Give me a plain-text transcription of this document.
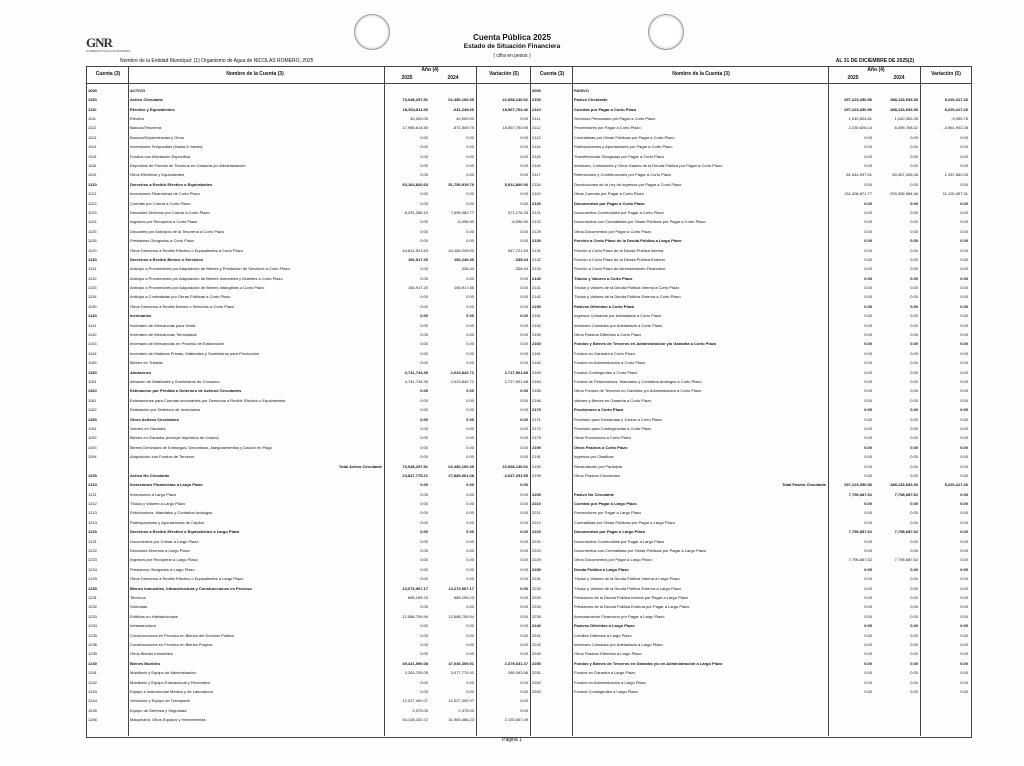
GNR
GOBIERNO NICOLÁS ROMERO
Cuenta Pública 2025
Estado de Situación Financiera
( cifra en pesos )
Nombre de la Entidad Municipal: (1) Organismo de Agua de NICOLAS ROMERO, 2025	AL 31 DE DICIEMBRE DE 2025(2)
Cuenta (3)	Nombre de la Cuenta (3)
Año (4)
2025	2024
Variación (5)	Cuenta (3)	Nombre de la Cuenta (3)
Año (4)
2025	2024
Variación (5)
1000	ACTIVO			
1100	Activo Circulante	73,048,297.51	62,480,160.39	22,668,130.62
1110	Efectivo y Equivalentes	18,534,811.60	-631,249.66	18,567,764.46
1111	Efectivo	40,000.00	40,000.00	0.00
1112	Bancos/Tesorería	17,985,614.50	-571,549.75	18,567,753.95
1113	Bancos/Dependencias y Otros	0.00	0.00	0.00
1114	Inversiones Temporales (Hasta 3 meses)	0.00	0.00	0.00
1115	Fondos con Afectación Específica	0.00	0.00	0.00
1116	Depósitos de Fondos de Terceros en Garantía y/o Administración	0.00	0.00	0.00
1119	Otros Efectivos y Equivalentes	0.00	0.00	0.00
1120	Derechos a Recibir Efectivo o Equivalentes	63,164,820.63	51,750,919.70	5,912,800.93
1121	Inversiones Financieras de Corto Plazo	0.00	0.00	0.00
1122	Cuentas por Cobrar a Corto Plazo	0.00	0.00	0.00
1123	Deudores Diversos por Cobrar a Corto Plazo	8,291,286.19	7,695,082.77	571,176.33
1124	Ingresos por Recuperar a Corto Plazo	0.00	-6,096.90	-6,096.90
1125	Deudores por Anticipos de la Tesorería a Corto Plazo	0.00	0.00	0.00
1126	Préstamos Otorgados a Corto Plazo	0.00	0.00	0.00
1129	Otros Derechos a Recibir Efectivo o Equivalentes a Corto Plazo	44,812,521.53	44,165,249.00	547,721.53
1130	Derechos a Recibir Bienes o Servicios	166,917.20	166,246.30	-335.44
1131	Anticipo a Proveedores por Adquisición de Bienes y Prestación de Servicios a Corto Plazo	0.00	328.44	-328.44
1132	Anticipo a Proveedores por Adquisición de Bienes Inmuebles y Muebles a Corto Plazo	0.00	0.00	0.00
1133	Anticipo a Proveedores por Adquisición de Bienes Intangibles a Corto Plazo	165,917.20	165,917.86	0.00
1134	Anticipo a Contratistas por Obras Públicas a Corto Plazo	0.00	0.00	0.00
1139	Otros Derechos a Recibir Bienes o Servicios a Corto Plazo	0.00	0.00	0.00
1140	Inventarios	0.00	0.00	0.00
1141	Inventario de Mercancías para Venta	0.00	0.00	0.00
1142	Inventario de Mercancías Terminadas	0.00	0.00	0.00
1143	Inventario de Mercancías en Proceso de Elaboración	0.00	0.00	0.00
1144	Inventario de Materias Primas, Materiales y Suministros para Producción	0.00	0.00	0.00
1145	Bienes en Tránsito	0.00	0.00	0.00
1150	Almacenes	4,741,744.39	2,023,842.71	2,717,901.68
1151	Almacén de Materiales y Suministros de Consumo	4,741,744.39	2,023,842.71	2,717,901.68
1160	Estimación por Pérdida o Deterioro de Activos Circulantes	0.00	0.00	0.00
1161	Estimaciones para Cuentas Incobrables por Derechos a Recibir Efectivo o Equivalentes	0.00	0.00	0.00
1162	Estimación por Deterioro de Inventarios	0.00	0.00	0.00
1190	Otros Activos Circulantes	0.00	0.00	0.00
1191	Valores en Garantía	0.00	0.00	0.00
1192	Bienes en Garantía (excluye depósitos de fondos)	0.00	0.00	0.00
1193	Bienes Derivados de Embargos, Decomisos, Aseguramientos y Dación en Pago	0.00	0.00	0.00
1194	Adquisición con Fondos de Terceros	0.00	0.00	0.00
	Total Activo Circulante	73,048,297.51	62,480,160.39	22,668,130.62
1200	Activo No Circulante	24,827,775.21	27,883,061.08	-3,047,291.55
1210	Inversiones Financieras a Largo Plazo	0.00	0.00	0.00
1211	Inversiones a Largo Plazo	0.00	0.00	0.00
1212	Títulos y Valores a Largo Plazo	0.00	0.00	0.00
1213	Fideicomisos, Mandatos y Contratos Análogos	0.00	0.00	0.00
1214	Participaciones y Aportaciones de Capital	0.00	0.00	0.00
1220	Derechos a Recibir Efectivo o Equivalentes a Largo Plazo	0.00	0.00	0.00
1221	Documentos por Cobrar a Largo Plazo	0.00	0.00	0.00
1222	Deudores Diversos a Largo Plazo	0.00	0.00	0.00
1223	Ingresos por Recuperar a Largo Plazo	0.00	0.00	0.00
1224	Préstamos Otorgados a Largo Plazo	0.00	0.00	0.00
1229	Otros Derechos a Recibir Efectivo o Equivalentes a Largo Plazo	0.00	0.00	0.00
1230	Bienes Inmuebles, Infraestructura y Construcciones en Proceso	13,073,967.17	13,273,967.17	0.00
1231	Terrenos	685,195.23	685,195.23	0.00
1232	Viviendas	0.00	0.00	0.00
1233	Edificios no Habitacionales	12,588,759.94	12,588,759.94	0.00
1234	Infraestructura	0.00	0.00	0.00
1235	Construcciones en Proceso en Bienes del Dominio Público	0.00	0.00	0.00
1236	Construcciones en Proceso en Bienes Propios	0.00	0.00	0.00
1239	Otros Bienes Inmuebles	0.00	0.00	0.00
1240	Bienes Muebles	49,421,590.08	47,046,309.51	2,375,631.47
1241	Mobiliario y Equipo de Administración	3,263,753.05	3,077,779.41	285,093.58
1242	Mobiliario y Equipo Educacional y Recreativo	0.00	0.00	0.00
1243	Equipo e Instrumental Médico y de Laboratorio	0.00	0.00	0.00
1244	Vehículos y Equipo de Transporte	12,027,492.07	12,027,492.07	0.00
1245	Equipo de Defensa y Seguridad	2,375.00	2,375.00	0.00
1246	Maquinaria, Otros Equipos y Herramientas	34,128,153.72	31,983,466.23	2,130,657.49
2000	PASIVO			
2100	Pasivo Circulante	297,223,350.56	288,133,933.30	9,220,417.26
2110	Cuentas por Pagar a Corto Plazo	297,223,350.56	288,133,933.30	9,220,417.26
2111	Servicios Personales por Pagar a Corto Plazo	1,040,524.81	1,040,352.26	-9,495.75
2112	Proveedores por Pagar a Corto Plazo	2,230,626.14	6,395,768.42	-3,961,902.28
2113	Contratistas por Obras Públicas por Pagar a Corto Plazo	0.00	0.00	0.00
2114	Participaciones y Aportaciones por Pagar a Corto Plazo	0.00	0.00	0.00
2115	Transferencias Otorgadas por Pagar a Corto Plazo	0.00	0.00	0.00
2116	Intereses, Comisiones y Otros Gastos de la Deuda Pública por Pagar a Corto Plazo	0.00	0.00	0.00
2117	Retenciones y Contribuciones por Pagar a Corto Plazo	81,544,997.51	80,357,435.46	1,287,562.05
2118	Devoluciones de la Ley de Ingresos por Pagar a Corto Plazo	0.00	0.00	0.00
2119	Otras Cuentas por Pagar a Corto Plazo	211,406,871.77	200,356,984.46	11,102,457.31
2120	Documentos por Pagar a Corto Plazo	0.00	0.00	0.00
2121	Documentos Comerciales por Pagar a Corto Plazo	0.00	0.00	0.00
2122	Documentos con Contratistas por Obras Públicas por Pagar a Corto Plazo	0.00	0.00	0.00
2129	Otros Documentos por Pagar a Corto Plazo	0.00	0.00	0.00
2130	Porción a Corto Plazo de la Deuda Pública a Largo Plazo	0.00	0.00	0.00
2131	Porción a Corto Plazo de la Deuda Pública Interna	0.00	0.00	0.00
2132	Porción a Corto Plazo de la Deuda Pública Externa	0.00	0.00	0.00
2133	Porción a Corto Plazo de Arrendamiento Financiero	0.00	0.00	0.00
2140	Títulos y Valores a Corto Plazo	0.00	0.00	0.00
2141	Títulos y Valores de la Deuda Pública Interna a Corto Plazo	0.00	0.00	0.00
2142	Títulos y Valores de la Deuda Pública Externa a Corto Plazo	0.00	0.00	0.00
2150	Pasivos Diferidos a Corto Plazo	0.00	0.00	0.00
2151	Ingresos Cobrados por Adelantado a Corto Plazo	0.00	0.00	0.00
2152	Intereses Cobrados por Adelantado a Corto Plazo	0.00	0.00	0.00
2159	Otros Pasivos Diferidos a Corto Plazo	0.00	0.00	0.00
2160	Fondos y Bienes de Terceros en Administración y/o Garantía a Corto Plazo	0.00	0.00	0.00
2161	Fondos en Garantía a Corto Plazo	0.00	0.00	0.00
2162	Fondos en Administración a Corto Plazo	0.00	0.00	0.00
2163	Fondos Contingentes a Corto Plazo	0.00	0.00	0.00
2164	Fondos de Fideicomisos, Mandatos y Contratos Análogos a Corto Plazo	0.00	0.00	0.00
2165	Otros Fondos de Terceros en Garantía y/o Administración a Corto Plazo	0.00	0.00	0.00
2166	Valores y Bienes en Garantía a Corto Plazo	0.00	0.00	0.00
2170	Provisiones a Corto Plazo	0.00	0.00	0.00
2171	Provisión para Demandas y Juicios a Corto Plazo	0.00	0.00	0.00
2172	Provisión para Contingencias a Corto Plazo	0.00	0.00	0.00
2179	Otras Provisiones a Corto Plazo	0.00	0.00	0.00
2190	Otros Pasivos a Corto Plazo	0.00	0.00	0.00
2191	Ingresos por Clasificar	0.00	0.00	0.00
2192	Recaudación por Participar	0.00	0.00	0.00
2199	Otros Pasivos Circulantes	0.00	0.00	0.00
	Total Pasivo Circulante	297,223,350.56	288,133,933.30	9,220,417.26
2200	Pasivo No Circulante	7,796,687.62	7,798,687.62	0.00
2210	Cuentas por Pagar a Largo Plazo	0.00	0.00	0.00
2211	Proveedores por Pagar a Largo Plazo	0.00	0.00	0.00
2212	Contratistas por Obras Públicas por Pagar a Largo Plazo	0.00	0.00	0.00
2220	Documentos por Pagar a Largo Plazo	7,796,687.62	7,798,687.62	0.00
2221	Documentos Comerciales por Pagar a Largo Plazo	0.00	0.00	0.00
2222	Documentos con Contratistas por Obras Públicas por Pagar a Largo Plazo	0.00	0.00	0.00
2229	Otros Documentos por Pagar a Largo Plazo	7,796,687.62	7,796,687.62	0.00
2230	Deuda Pública a Largo Plazo	0.00	0.00	0.00
2231	Títulos y Valores de la Deuda Pública Interna a Largo Plazo	0.00	0.00	0.00
2232	Títulos y Valores de la Deuda Pública Externa a Largo Plazo	0.00	0.00	0.00
2233	Préstamos de la Deuda Pública Interna por Pagar a Largo Plazo	0.00	0.00	0.00
2234	Préstamos de la Deuda Pública Externa por Pagar a Largo Plazo	0.00	0.00	0.00
2235	Arrendamiento Financiero por Pagar a Largo Plazo	0.00	0.00	0.00
2240	Pasivos Diferidos a Largo Plazo	0.00	0.00	0.00
2241	Créditos Diferidos a Largo Plazo	0.00	0.00	0.00
2242	Intereses Cobrados por Adelantado a Largo Plazo	0.00	0.00	0.00
2249	Otros Pasivos Diferidos a Largo Plazo	0.00	0.00	0.00
2250	Fondos y Bienes de Terceros en Garantía y/o en Administración a Largo Plazo	0.00	0.00	0.00
2251	Fondos en Garantía a Largo Plazo	0.00	0.00	0.00
2252	Fondos en Administración a Largo Plazo	0.00	0.00	0.00
2253	Fondos Contingentes a Largo Plazo	0.00	0.00	0.00
Página 1
